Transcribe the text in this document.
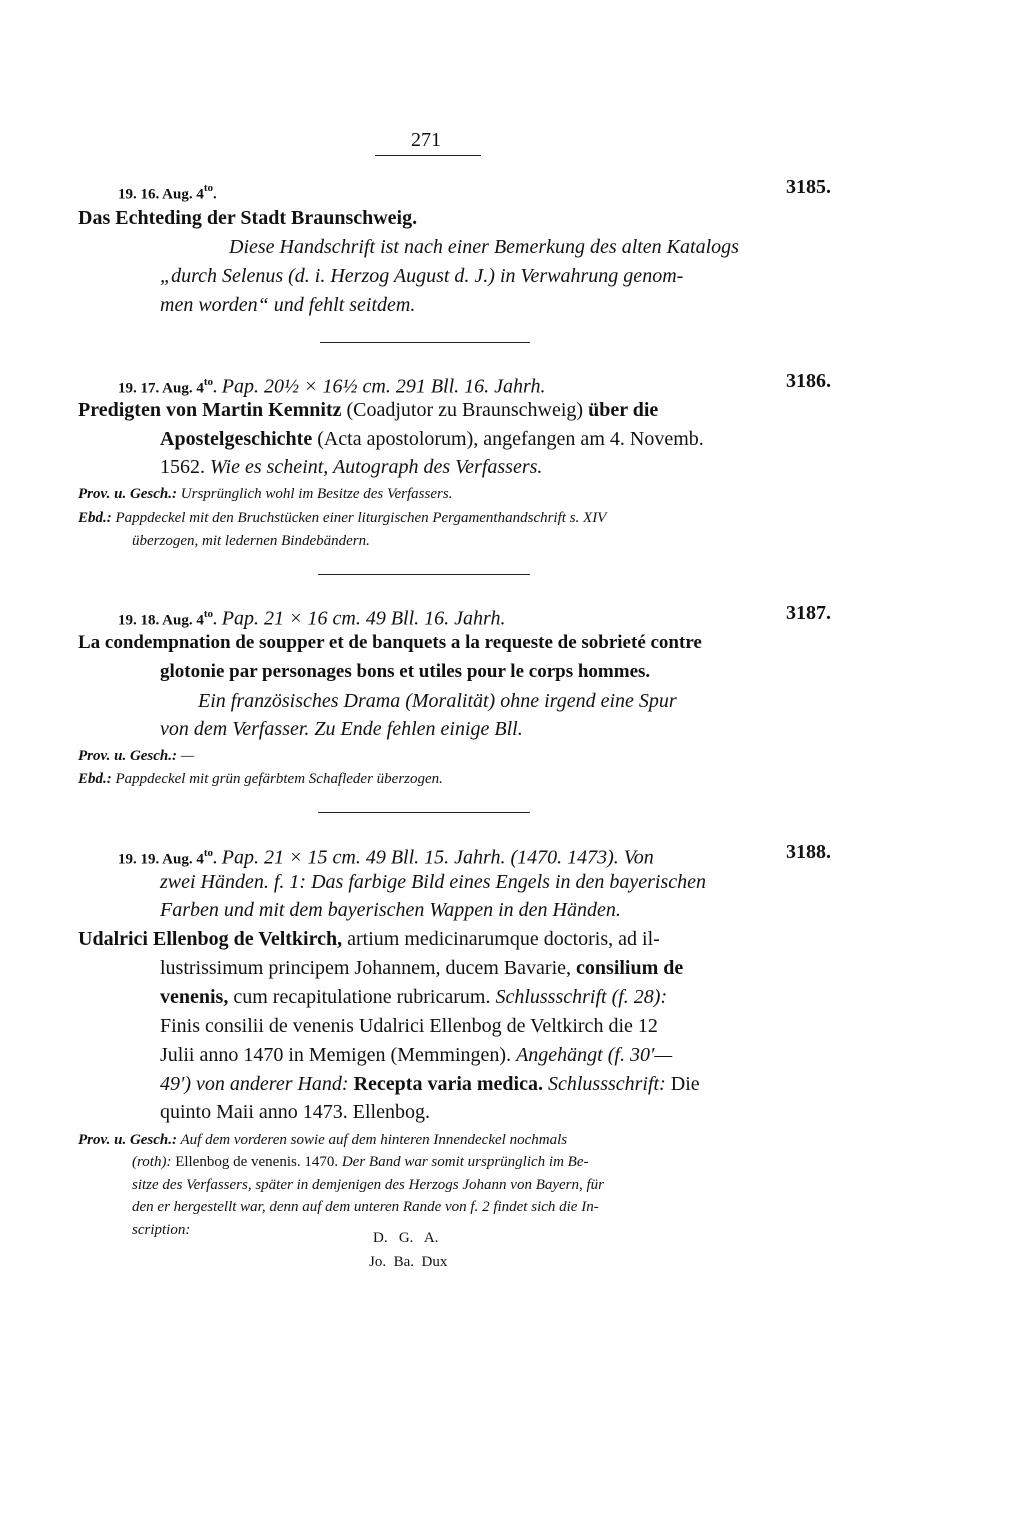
271
19. 16. Aug. $4^{to}$.	3185.
Das Echteding der Stadt Braunschweig.
Diese Handschrift ist nach einer Bemerkung des alten Katalogs
„durch Selenus (d. i. Herzog August d. J.) in Verwahrung genom-
men worden“ und fehlt seitdem.
19. 17. Aug. $4^{to}$. Pap. 20½ × 16½ cm. 291 Bll. 16. Jahrh.	3186.
Predigten von Martin Kemnitz (Coadjutor zu Braunschweig) über die
Apostelgeschichte (Acta apostolorum), angefangen am 4. Novemb.
1562. Wie es scheint, Autograph des Verfassers.
Prov. u. Gesch.: Ursprünglich wohl im Besitze des Verfassers.
Ebd.: Pappdeckel mit den Bruchstücken einer liturgischen Pergamenthandschrift s. XIV
überzogen, mit ledernen Bindebändern.
19. 18. Aug. $4^{to}$. Pap. 21 × 16 cm. 49 Bll. 16. Jahrh.	3187.
La condempnation de soupper et de banquets a la requeste de sobrieté contre
glotonie par personages bons et utiles pour le corps hommes.
Ein französisches Drama (Moralität) ohne irgend eine Spur
von dem Verfasser. Zu Ende fehlen einige Bll.
Prov. u. Gesch.: —
Ebd.: Pappdeckel mit grün gefärbtem Schafleder überzogen.
19. 19. Aug. $4^{to}$. Pap. 21 × 15 cm. 49 Bll. 15. Jahrh. (1470. 1473). Von	3188.
zwei Händen. f. 1: Das farbige Bild eines Engels in den bayerischen
Farben und mit dem bayerischen Wappen in den Händen.
Udalrici Ellenbog de Veltkirch, artium medicinarumque doctoris, ad il-
lustrissimum principem Johannem, ducem Bavarie, consilium de
venenis, cum recapitulatione rubricarum. Schlussschrift (f. 28):
Finis consilii de venenis Udalrici Ellenbog de Veltkirch die 12
Julii anno 1470 in Memigen (Memmingen). Angehängt (f. 30′—
49′) von anderer Hand: Recepta varia medica. Schlussschrift: Die
quinto Maii anno 1473. Ellenbog.
Prov. u. Gesch.: Auf dem vorderen sowie auf dem hinteren Innendeckel nochmals
(roth): Ellenbog de venenis. 1470. Der Band war somit ursprünglich im Be-
sitze des Verfassers, später in demjenigen des Herzogs Johann von Bayern, für
den er hergestellt war, denn auf dem unteren Rande von f. 2 findet sich die In-
scription:	D.   G.   A.
Jo.  Ba.  Dux
